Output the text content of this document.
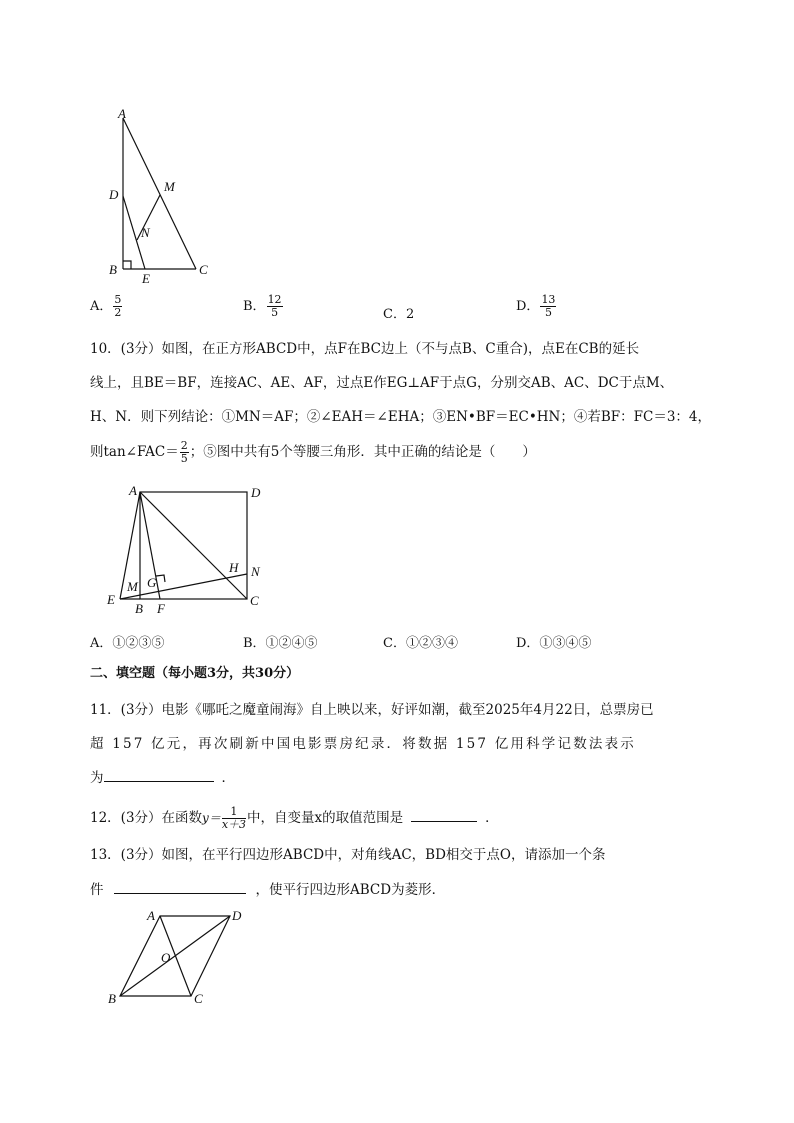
A
D
M
N
B
E
C
A． $\frac{5}{2}$	B． $\frac{12}{5}$	C．2
D． $\frac{13}{5}$
10．(3分）如图，在正方形ABCD中，点F在BC边上（不与点B、C重合)，点E在CB的延长
线上，且BE＝BF，连接AC、AE、AF，过点E作EG⊥AF于点G，分别交AB、AC、DC于点M、
H、N．则下列结论：①MN＝AF；②∠EAH＝∠EHA；③EN•BF＝EC•HN；④若BF：FC＝3：4，
则tan∠FAC＝ $\frac{2}{5}$ ；⑤图中共有5个等腰三角形．其中正确的结论是（　　）
A	D
E
B F
C
M G
H N
A．①②③⑤	B．①②④⑤	C．①②③④	D．①③④⑤
二、填空题（每小题3分，共30分）
11．(3分）电影《哪吒之魔童闹海》自上映以来，好评如潮，截至2025年4月22日，总票房已
超 157 亿元，再次刷新中国电影票房纪录．将数据 157 亿用科学记数法表示
为	．
12．(3分）在函数$y= \frac{1}{x+3}$ 中，自变量x的取值范围是	．
13．(3分）如图，在平行四边形ABCD中，对角线AC，BD相交于点O，请添加一个条
件	，使平行四边形ABCD为菱形．
A	D
O
B	C
